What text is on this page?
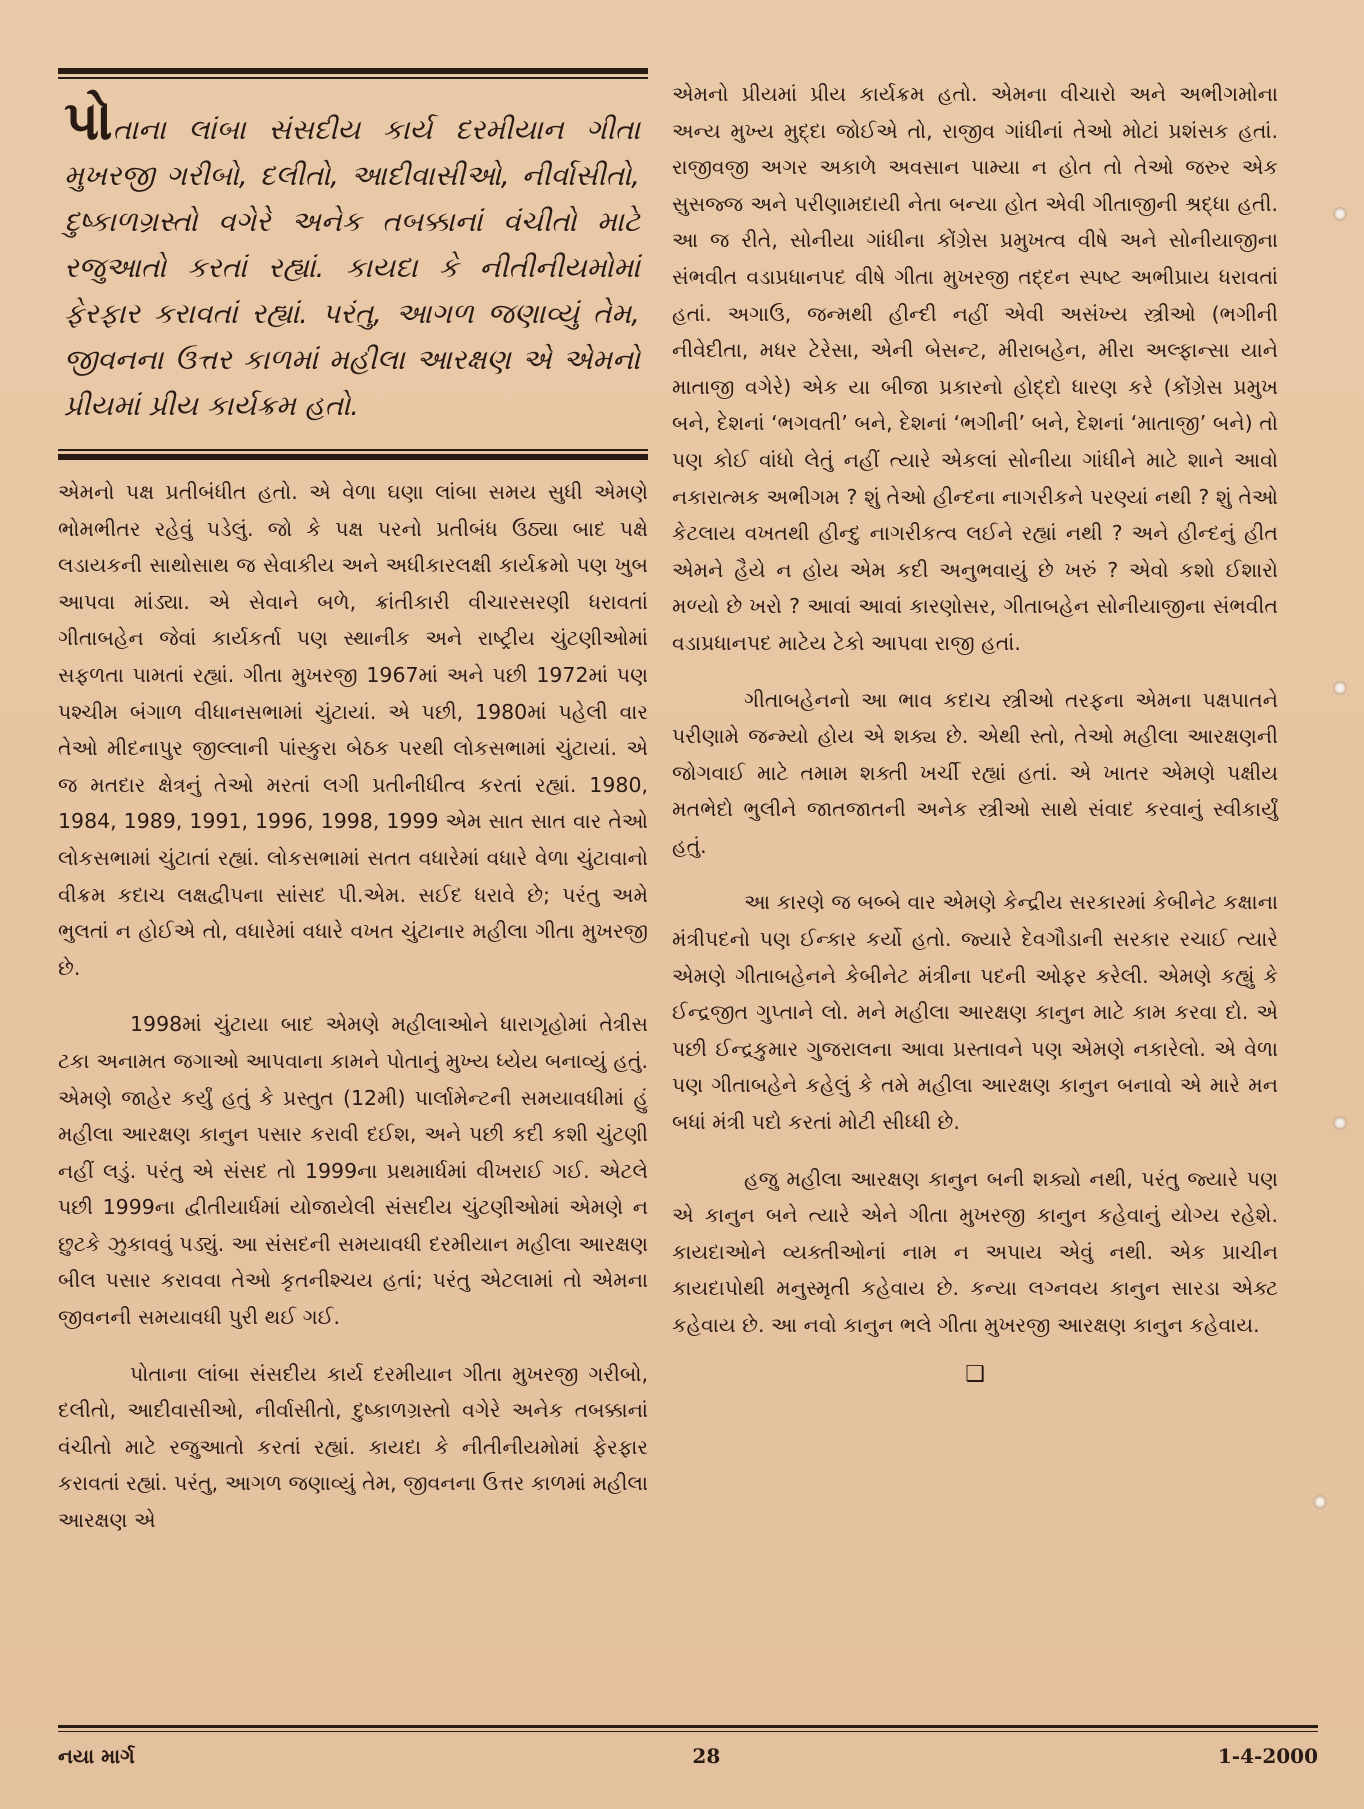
પોતાના લાંબા સંસદીય કાર્ય દરમીયાન ગીતા મુખરજી ગરીબો, દલીતો, આદીવાસીઓ, નીર્વાસીતો, દુષ્કાળગ્રસ્તો વગેરે અનેક તબક્કાનાં વંચીતો માટે રજુઆતો કરતાં રહ્યાં. કાયદા કે નીતીનીયમોમાં ફેરફાર કરાવતાં રહ્યાં. પરંતુ, આગળ જણાવ્યું તેમ, જીવનના ઉત્તર કાળમાં મહીલા આરક્ષણ એ એમનો પ્રીયમાં પ્રીય કાર્યક્રમ હતો.

એમનો પક્ષ પ્રતીબંધીત હતો. એ વેળા ઘણા લાંબા સમય સુધી એમણે ભોમભીતર રહેવું પડેલું. જો કે પક્ષ પરનો પ્રતીબંધ ઉઠ્યા બાદ પક્ષે લડાયકની સાથોસાથ જ સેવાકીય અને અધીકારલક્ષી કાર્યક્રમો પણ ખુબ આપવા માંડ્યા. એ સેવાને બળે, ક્રાંતીકારી વીચારસરણી ધરાવતાં ગીતાબહેન જેવાં કાર્યકર્તા પણ સ્થાનીક અને રાષ્ટ્રીય ચુંટણીઓમાં સફળતા પામતાં રહ્યાં. ગીતા મુખરજી 1967માં અને પછી 1972માં પણ પશ્ચીમ બંગાળ વીધાનસભામાં ચુંટાયાં. એ પછી, 1980માં પહેલી વાર તેઓ મીદનાપુર જીલ્લાની પાંસ્કુરા બેઠક પરથી લોકસભામાં ચુંટાયાં. એ જ મતદાર ક્ષેત્રનું તેઓ મરતાં લગી પ્રતીનીધીત્વ કરતાં રહ્યાં. 1980, 1984, 1989, 1991, 1996, 1998, 1999 એમ સાત સાત વાર તેઓ લોકસભામાં ચુંટાતાં રહ્યાં. લોકસભામાં સતત વધારેમાં વધારે વેળા ચુંટાવાનો વીક્રમ કદાચ લક્ષદ્વીપના સાંસદ પી.એમ. સઈદ ધરાવે છે; પરંતુ અમે ભુલતાં ન હોઈએ તો, વધારેમાં વધારે વખત ચુંટાનાર મહીલા ગીતા મુખરજી છે.

1998માં ચુંટાયા બાદ એમણે મહીલાઓને ધારાગૃહોમાં તેત્રીસ ટકા અનામત જગાઓ આપવાના કામને પોતાનું મુખ્ય ધ્યેય બનાવ્યું હતું. એમણે જાહેર કર્યું હતું કે પ્રસ્તુત (12મી) પાર્લામેન્ટની સમયાવધીમાં હું મહીલા આરક્ષણ કાનુન પસાર કરાવી દઈશ, અને પછી કદી કશી ચુંટણી નહીં લડું. પરંતુ એ સંસદ તો 1999ના પ્રથમાર્ધમાં વીખરાઈ ગઈ. એટલે પછી 1999ના દ્વીતીયાર્ધમાં યોજાયેલી સંસદીય ચુંટણીઓમાં એમણે ન છુટકે ઝુકાવવું પડ્યું. આ સંસદની સમયાવધી દરમીયાન મહીલા આરક્ષણ બીલ પસાર કરાવવા તેઓ કૃતનીશ્ચય હતાં; પરંતુ એટલામાં તો એમના જીવનની સમયાવધી પુરી થઈ ગઈ.

પોતાના લાંબા સંસદીય કાર્ય દરમીયાન ગીતા મુખરજી ગરીબો, દલીતો, આદીવાસીઓ, નીર્વાસીતો, દુષ્કાળગ્રસ્તો વગેરે અનેક તબક્કાનાં વંચીતો માટે રજુઆતો કરતાં રહ્યાં. કાયદા કે નીતીનીયમોમાં ફેરફાર કરાવતાં રહ્યાં. પરંતુ, આગળ જણાવ્યું તેમ, જીવનના ઉત્તર કાળમાં મહીલા આરક્ષણ એ

એમનો પ્રીયમાં પ્રીય કાર્યક્રમ હતો. એમના વીચારો અને અભીગમોના અન્ય મુખ્ય મુદ્દા જોઈએ તો, રાજીવ ગાંધીનાં તેઓ મોટાં પ્રશંસક હતાં. રાજીવજી અગર અકાળે અવસાન પામ્યા ન હોત તો તેઓ જરુર એક સુસજ્જ અને પરીણામદાયી નેતા બન્યા હોત એવી ગીતાજીની શ્રદ્ધા હતી. આ જ રીતે, સોનીયા ગાંધીના કોંગ્રેસ પ્રમુખત્વ વીષે અને સોનીયાજીના સંભવીત વડાપ્રધાનપદ વીષે ગીતા મુખરજી તદ્દન સ્પષ્ટ અભીપ્રાય ધરાવતાં હતાં. અગાઉ, જન્મથી હીન્દી નહીં એવી અસંખ્ય સ્ત્રીઓ (ભગીની નીવેદીતા, મધર ટેરેસા, એની બેસન્ટ, મીરાબહેન, મીરા અલ્ફાન્સા યાને માતાજી વગેરે) એક યા બીજા પ્રકારનો હોદ્દો ધારણ કરે (કોંગ્રેસ પ્રમુખ બને, દેશનાં ‘ભગવતી’ બને, દેશનાં ‘ભગીની’ બને, દેશનાં ‘માતાજી’ બને) તો પણ કોઈ વાંધો લેતું નહીં ત્યારે એકલાં સોનીયા ગાંધીને માટે શાને આવો નકારાત્મક અભીગમ ? શું તેઓ હીન્દના નાગરીકને પરણ્યાં નથી ? શું તેઓ કેટલાય વખતથી હીન્દુ નાગરીકત્વ લઈને રહ્યાં નથી ? અને હીન્દનું હીત એમને હૈયે ન હોય એમ કદી અનુભવાયું છે ખરું ? એવો કશો ઈશારો મળ્યો છે ખરો ? આવાં આવાં કારણોસર, ગીતાબહેન સોનીયાજીના સંભવીત વડાપ્રધાનપદ માટેય ટેકો આપવા રાજી હતાં.

ગીતાબહેનનો આ ભાવ કદાચ સ્ત્રીઓ તરફના એમના પક્ષપાતને પરીણામે જન્મ્યો હોય એ શક્ય છે. એથી સ્તો, તેઓ મહીલા આરક્ષણની જોગવાઈ માટે તમામ શક્તી ખર્ચી રહ્યાં હતાં. એ ખાતર એમણે પક્ષીય મતભેદો ભુલીને જાતજાતની અનેક સ્ત્રીઓ સાથે સંવાદ કરવાનું સ્વીકાર્યું હતું.

આ કારણે જ બબ્બે વાર એમણે કેન્દ્રીય સરકારમાં કેબીનેટ કક્ષાના મંત્રીપદનો પણ ઈન્કાર કર્યો હતો. જ્યારે દેવગૌડાની સરકાર રચાઈ ત્યારે એમણે ગીતાબહેનને કેબીનેટ મંત્રીના પદની ઓફર કરેલી. એમણે કહ્યું કે ઈન્દ્રજીત ગુપ્તાને લો. મને મહીલા આરક્ષણ કાનુન માટે કામ કરવા દો. એ પછી ઈન્દ્રકુમાર ગુજરાલના આવા પ્રસ્તાવને પણ એમણે નકારેલો. એ વેળા પણ ગીતાબહેને કહેલું કે તમે મહીલા આરક્ષણ કાનુન બનાવો એ મારે મન બધાં મંત્રી પદો કરતાં મોટી સીધ્ધી છે.

હજુ મહીલા આરક્ષણ કાનુન બની શક્યો નથી, પરંતુ જ્યારે પણ એ કાનુન બને ત્યારે એને ગીતા મુખરજી કાનુન કહેવાનું યોગ્ય રહેશે. કાયદાઓને વ્યક્તીઓનાં નામ ન અપાય એવું નથી. એક પ્રાચીન કાયદાપોથી મનુસ્મૃતી કહેવાય છે. કન્યા લગ્નવય કાનુન સારડા એક્ટ કહેવાય છે. આ નવો કાનુન ભલે ગીતા મુખરજી આરક્ષણ કાનુન કહેવાય.

❑
નયા માર્ગ	28	1-4-2000
